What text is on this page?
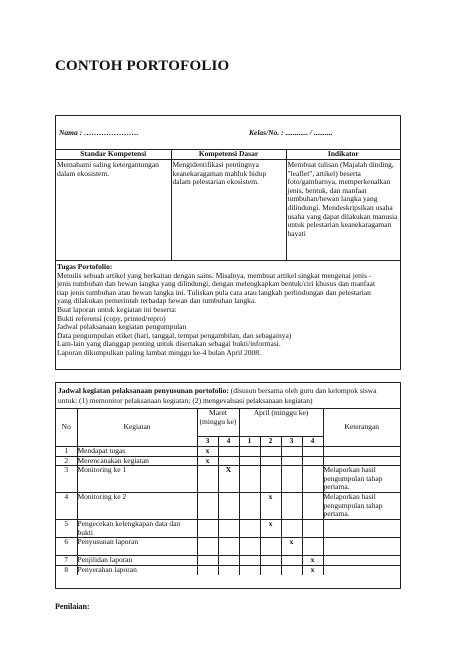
CONTOH PORTOFOLIO
Nama : ………………….	Kelas/No. : ............ / ..........
Standar Kompetensi	Kompetensi Dasar	Indikator
Memahami saling ketergantungan dalam ekosistem.	Mengidentifikasi pentingnya keanekaragaman mahluk hidup dalam pelestarian ekosistem.	Membuat tulisan (Majalah dinding, "leaflet", artikel) beserta foto/gambarnya, memperkenalkan jenis, bentuk, dan manfaat tumbuhan/hewan langka yang dilindungi. Mendeskripsikan usaha usaha yang dapat dilakukan manusia untuk pelestarian keanekaragaman hayati
Tugas Portofolio:
Menulis sebuah artikel yang berkaitan dengan sains. Misalnya, membuat artikel singkat mengenai jenis -
jenis tumbuhan dan hewan langka yang dilindungi, dengan melengkapkan bentuk/ciri khusus dan manfaat
tiap jenis tumbuhan atau hewan langka ini. Tuliskan pula cara atau langkah perlindungan dan pelestarian
yang dilakukan pemerintah terhadap hewan dan tumbuhan langka.
Buat laporan untuk kegiatan ini beserta:
Bukti referensi (copy, printed/repro)
Jadwal pelaksanaan kegiatan pengumpulan
Data pengumpulan etiket (hari, tanggal, tempat pengambilan, dan sebagainya)
Lain-lain yang dianggap penting untuk disertakan sebagai bukti/informasi.
Laporan dikumpulkan paling lambat minggu ke-4 bulan April 2008.
Jadwal kegiatan pelaksanaan penyusunan portofolio: (disusun bersama oleh guru dan kelompok siswa untuk: (1) memonitor pelaksanaan kegiatan; (2) mengevaluasi pelaksanaan kegiatan)
No	Kegiatan	Maret (minggu ke)		April (minggu ke)				Keterangan
		3	4	1	2	3	4	
1	Mendapat tugas	x						
2	Merencanakan kegiatan	x						
3	Monitoring ke 1		X					Melaporkan hasil pengumpulan tahap pertama.
4	Monitoring ke 2				x			Melaporkan hasil pengumpulan tahap pertama.
5	Pengecekan kelengkapan data dan bukti				x			
6	Penyusunan laporan					x		
7	Penjilidan laporan						x	
8	Penyerahan laporan						x	
Penilaian:
